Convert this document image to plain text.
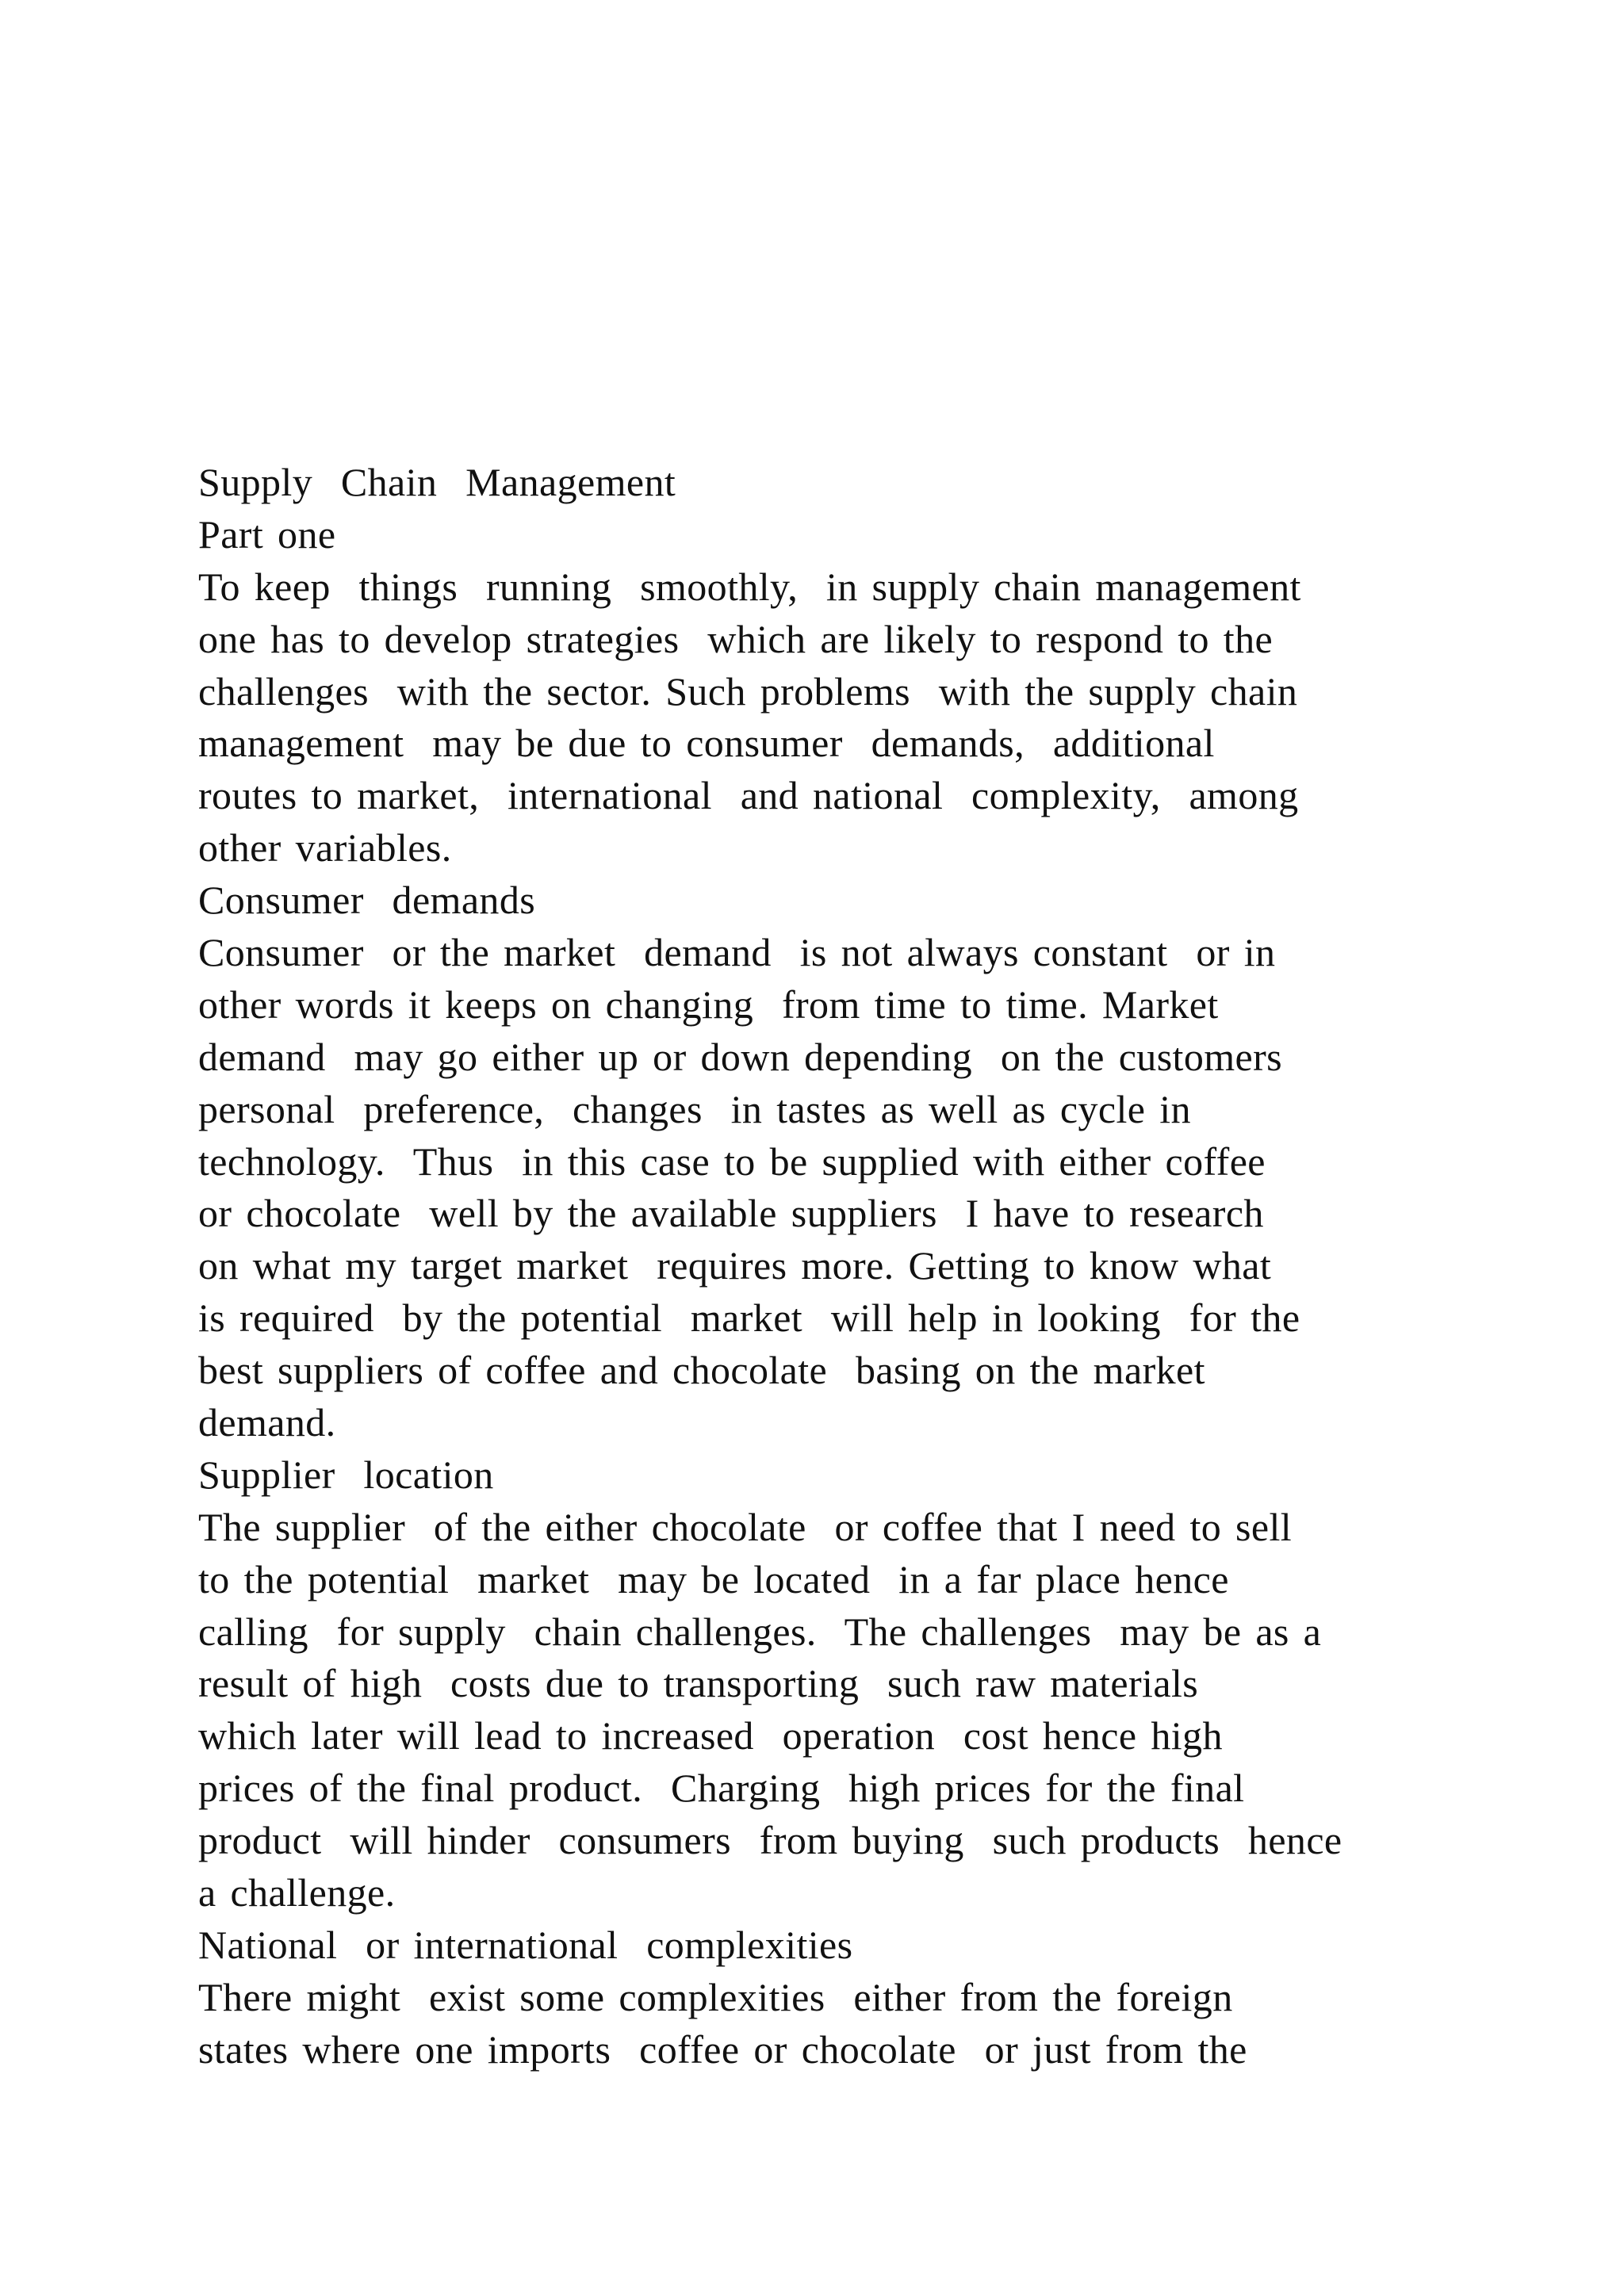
Supply  Chain  Management
Part one
To keep  things  running  smoothly,  in supply chain management
one has to develop strategies  which are likely to respond to the
challenges  with the sector. Such problems  with the supply chain
management  may be due to consumer  demands,  additional
routes to market,  international  and national  complexity,  among
other variables.
Consumer  demands
Consumer  or the market  demand  is not always constant  or in
other words it keeps on changing  from time to time. Market
demand  may go either up or down depending  on the customers
personal  preference,  changes  in tastes as well as cycle in
technology.  Thus  in this case to be supplied with either coffee
or chocolate  well by the available suppliers  I have to research
on what my target market  requires more. Getting to know what
is required  by the potential  market  will help in looking  for the
best suppliers of coffee and chocolate  basing on the market
demand.
Supplier  location
The supplier  of the either chocolate  or coffee that I need to sell
to the potential  market  may be located  in a far place hence
calling  for supply  chain challenges.  The challenges  may be as a
result of high  costs due to transporting  such raw materials
which later will lead to increased  operation  cost hence high
prices of the final product.  Charging  high prices for the final
product  will hinder  consumers  from buying  such products  hence
a challenge.
National  or international  complexities
There might  exist some complexities  either from the foreign
states where one imports  coffee or chocolate  or just from the
